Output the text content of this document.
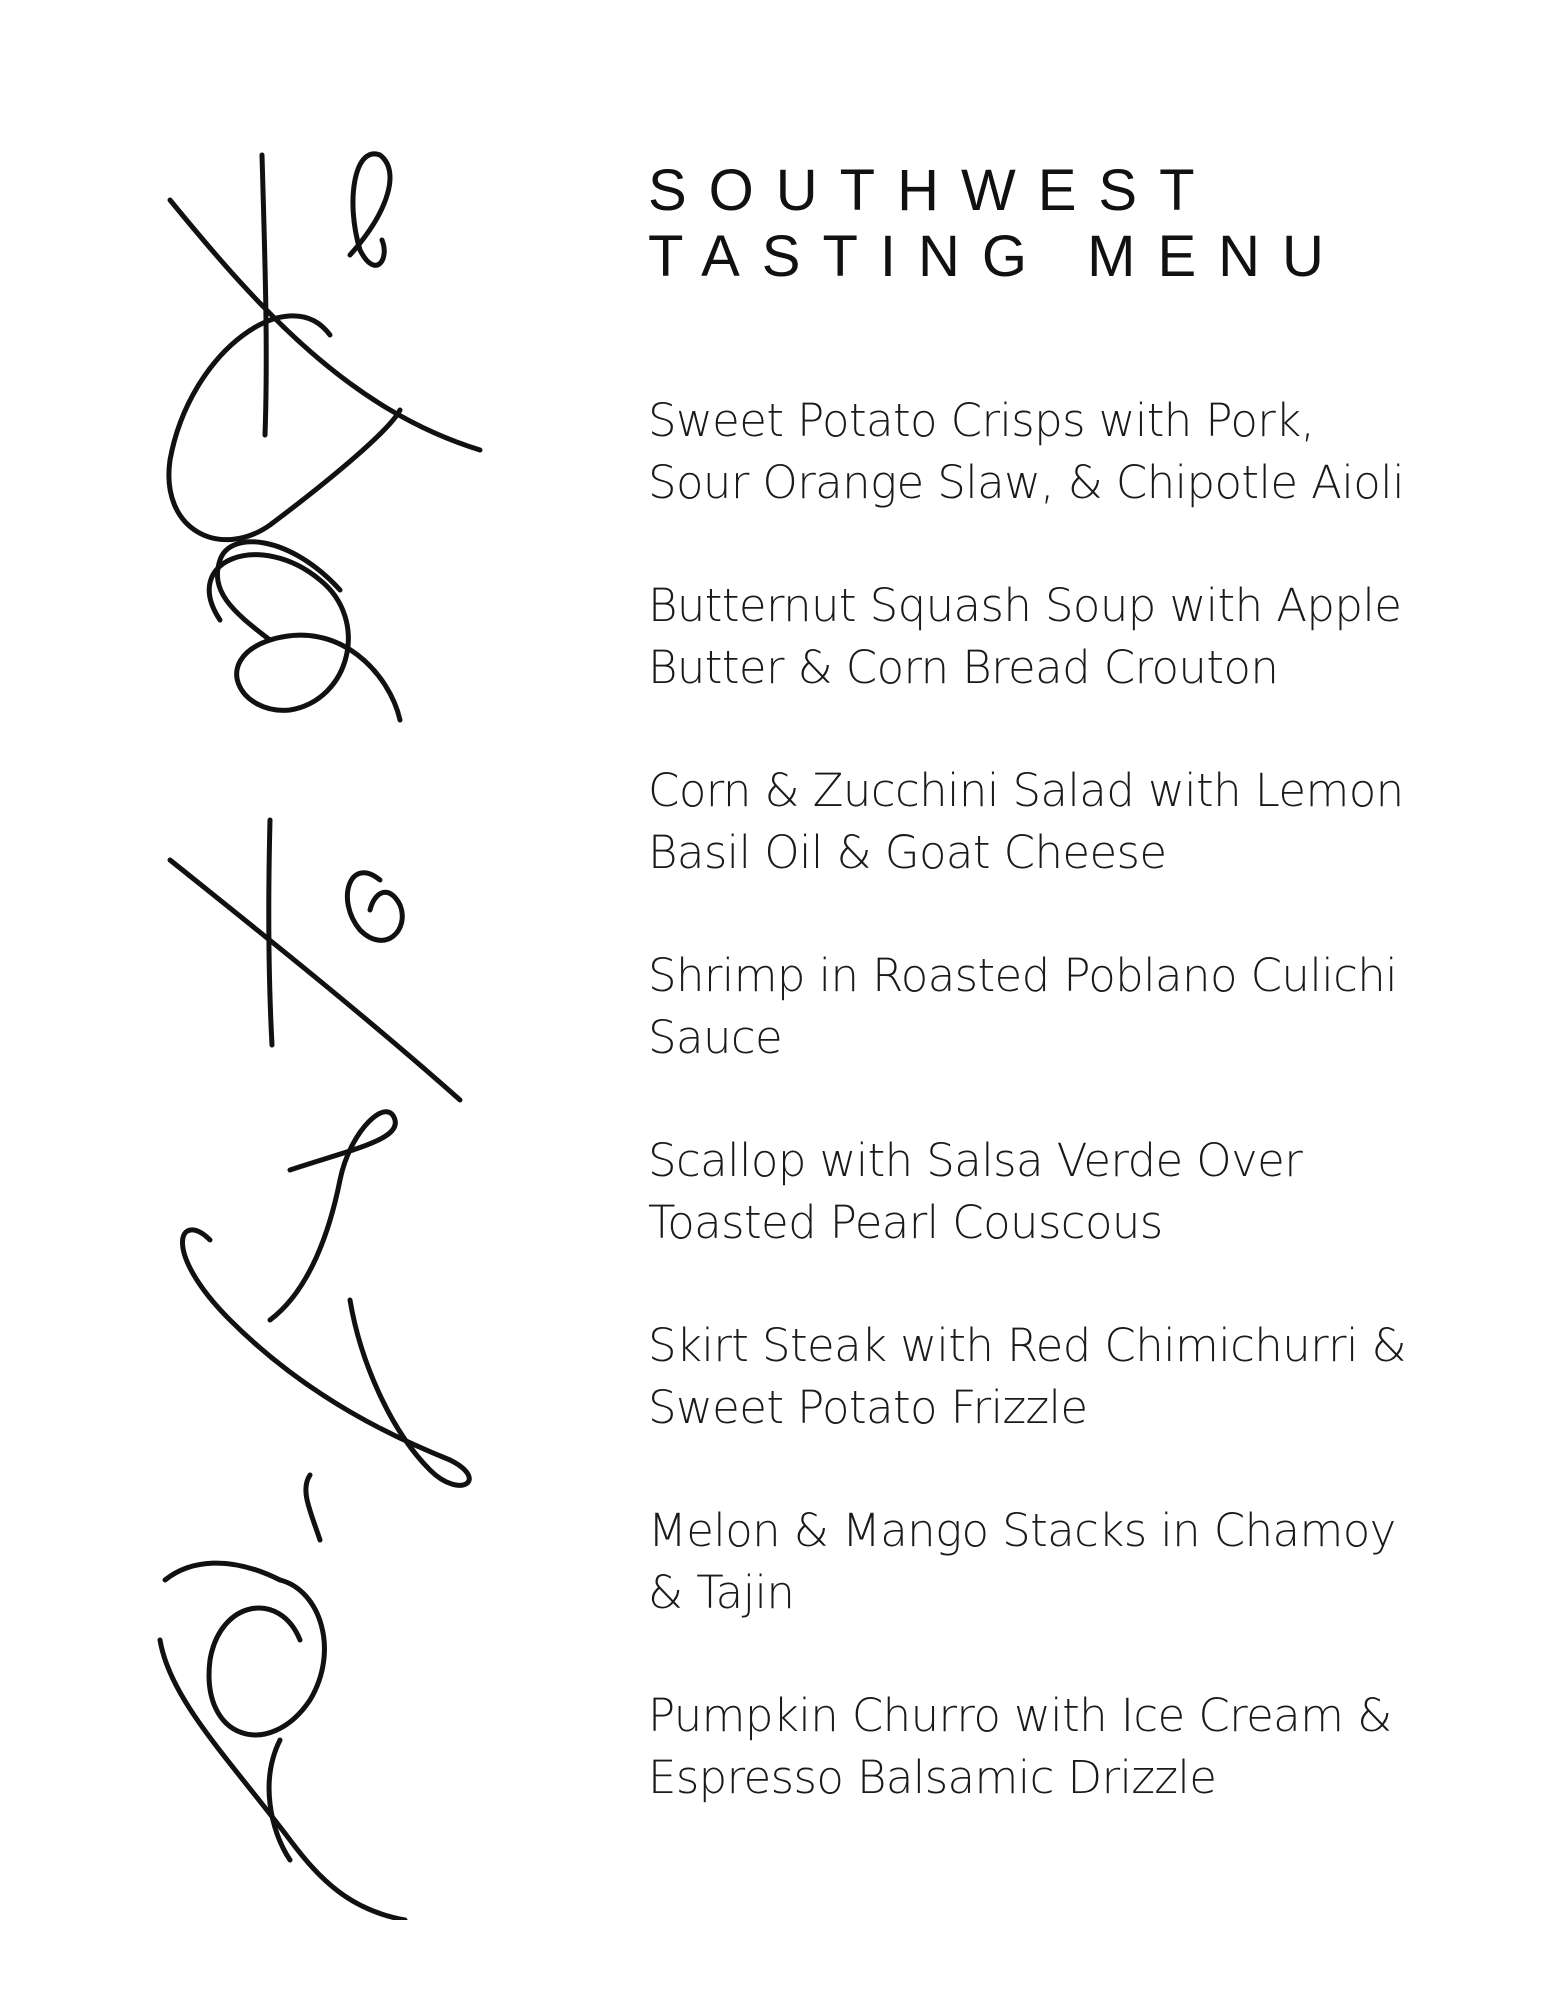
SOUTHWEST
TASTING MENU
Sweet Potato Crisps with Pork,
Sour Orange Slaw, & Chipotle Aioli
Butternut Squash Soup with Apple
Butter & Corn Bread Crouton
Corn & Zucchini Salad with Lemon
Basil Oil & Goat Cheese
Shrimp in Roasted Poblano Culichi
Sauce
Scallop with Salsa Verde Over
Toasted Pearl Couscous
Skirt Steak with Red Chimichurri &
Sweet Potato Frizzle
Melon & Mango Stacks in Chamoy
& Tajin
Pumpkin Churro with Ice Cream &
Espresso Balsamic Drizzle
